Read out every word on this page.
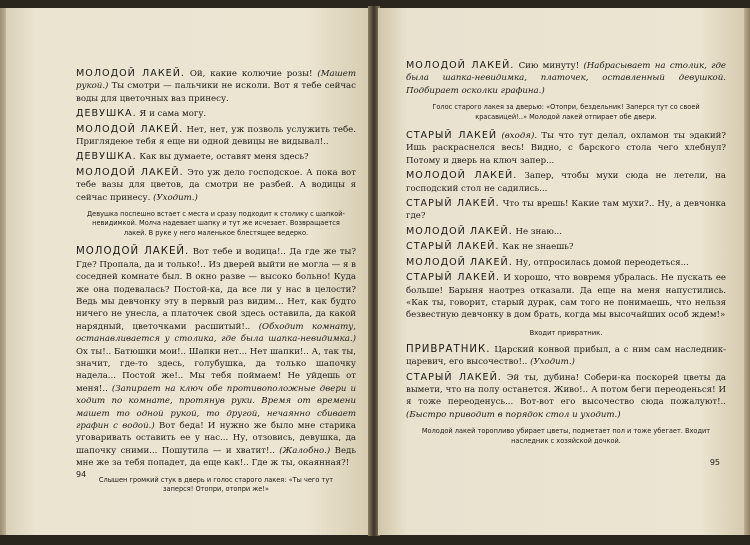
МОЛОДОЙ ЛАКЕЙ. Ой, какие колючие розы! (Машет рукой.) Ты смотри — пальчики не исколи. Вот я тебе сейчас воды для цветочных ваз принесу.

ДЕВУШКА. Я и сама могу.

МОЛОДОЙ ЛАКЕЙ. Нет, нет, уж позволь услужить тебе. Приглядеюе тебя я еще ни одной девицы не видывал!..

ДЕВУШКА. Как вы думаете, оставят меня здесь?

МОЛОДОЙ ЛАКЕЙ. Это уж дело господское. А пока вот тебе вазы для цветов, да смотри не разбей. А водицы я сейчас принесу. (Уходит.)

Девушка поспешно встает с места и сразу подходит к столику с шапкой-невидимкой. Молча надевает шапку и тут же исчезает. Возвращается лакей. В руке у него маленькое блестящее ведерко.

МОЛОДОЙ ЛАКЕЙ. Вот тебе и водица!.. Да где же ты? Где? Пропала, да и только!.. Из дверей выйти не могла — я в соседней комнате был. В окно разве — высоко больно! Куда же она подевалась? Постой-ка, да все ли у нас в целости? Ведь мы девчонку эту в первый раз видим... Нет, как будто ничего не унесла, а платочек свой здесь оставила, да какой нарядный, цветочками расшитый!.. (Обходит комнату, останавливается у столика, где была шапка-невидимка.) Ох ты!.. Батюшки мои!.. Шапки нет... Нет шапки!.. А, так ты, значит, где-то здесь, голубушка, да только шапочку надела... Постой же!.. Мы тебя поймаем! Не уйдешь от меня!.. (Запирает на ключ обе противоположные двери и ходит по комнате, протянув руки. Время от времени машет то одной рукой, то другой, нечаянно сбивает графин с водой.) Вот беда! И нужно же было мне старика уговаривать оставить ее у нас... Ну, отзовись, девушка, да шапочку сними... Пошутила — и хватит!.. (Жалобно.) Ведь мне же за тебя попадет, да еще как!.. Где ж ты, окаянная?!

Слышен громкий стук в дверь и голос старого лакея: «Ты чего тут заперся! Отопри, отопри же!»
94

МОЛОДОЙ ЛАКЕЙ. Сию минуту! (Набрасывает на столик, где была шапка-невидимка, платочек, оставленный девушкой. Подбирает осколки графина.)

Голос старого лакея за дверью: «Отопри, бездельник! Заперся тут со своей красавицей!..» Молодой лакей отпирает обе двери.

СТАРЫЙ ЛАКЕЙ (входя). Ты что тут делал, охламон ты эдакий? Ишь раскраснелся весь! Видно, с барского стола чего хлебнул? Потому и дверь на ключ запер...

МОЛОДОЙ ЛАКЕЙ. Запер, чтобы мухи сюда не летели, на господский стол не садились...

СТАРЫЙ ЛАКЕЙ. Что ты врешь! Какие там мухи?.. Ну, а девчонка где?

МОЛОДОЙ ЛАКЕЙ. Не знаю...

СТАРЫЙ ЛАКЕЙ. Как не знаешь?

МОЛОДОЙ ЛАКЕЙ. Ну, отпросилась домой переодеться...

СТАРЫЙ ЛАКЕЙ. И хорошо, что вовремя убралась. Не пускать ее больше! Барыня наотрез отказали. Да еще на меня напустились. «Как ты, говорит, старый дурак, сам того не понимаешь, что нельзя безвестную девчонку в дом брать, когда мы высочайших особ ждем!»

Входит привратник.

ПРИВРАТНИК. Царский конвой прибыл, а с ним сам наследник-царевич, его высочество!.. (Уходит.)

СТАРЫЙ ЛАКЕЙ. Эй ты, дубина! Собери-ка поскорей цветы да вымети, что на полу останется. Живо!.. А потом беги переоденься! И я тоже переоденусь... Вот-вот его высочество сюда пожалуют!.. (Быстро приводит в порядок стол и уходит.)

Молодой лакей торопливо убирает цветы, подметает пол и тоже убегает. Входит наследник с хозяйской дочкой.
95
